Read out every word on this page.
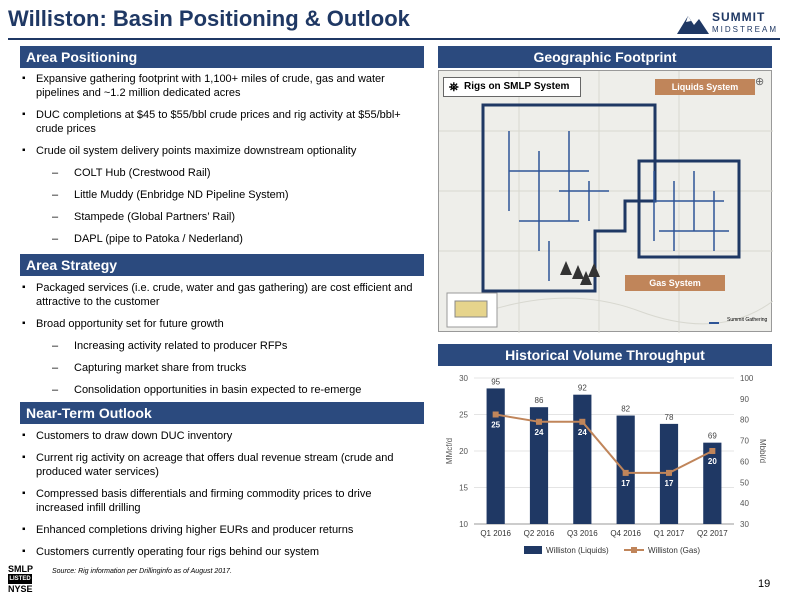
Williston: Basin Positioning & Outlook	SUMMIT
MIDSTREAM
Area Positioning
▪ Expansive gathering footprint with 1,100+ miles of crude, gas and water pipelines and ~1.2 million dedicated acres
▪ DUC completions at $45 to $55/bbl crude prices and rig activity at $55/bbl+ crude prices
▪ Crude oil system delivery points maximize downstream optionality
– COLT Hub (Crestwood Rail)
– Little Muddy (Enbridge ND Pipeline System)
– Stampede (Global Partners’ Rail)
– DAPL (pipe to Patoka / Nederland)
Area Strategy
▪ Packaged services (i.e. crude, water and gas gathering) are cost efficient and attractive to the customer
▪ Broad opportunity set for future growth
– Increasing activity related to producer RFPs
– Capturing market share from trucks
– Consolidation opportunities in basin expected to re-emerge
Near-Term Outlook
▪ Customers to draw down DUC inventory
▪ Current rig activity on acreage that offers dual revenue stream (crude and produced water services)
▪ Compressed basis differentials and firming commodity prices to drive increased infill drilling
▪ Enhanced completions driving higher EURs and producer returns
▪ Customers currently operating four rigs behind our system
Geographic Footprint
⛯ Rigs on SMLP System	Liquids System
Gas System
Summit Gathering
⊕
Historical Volume Throughput
10
15
20
25
30
30
40
50
60
70
80
90
100
MMcf/d	Mbbl/d
95
Q1 2016
86
Q2 2016
92
Q3 2016
82
Q4 2016
78
Q1 2017
69
Q2 2017
25
24	24
17	17
20
Williston (Liquids)	Williston (Gas)
SMLP
LISTED
NYSE
Source: Rig information per Drillinginfo as of August 2017.
19
